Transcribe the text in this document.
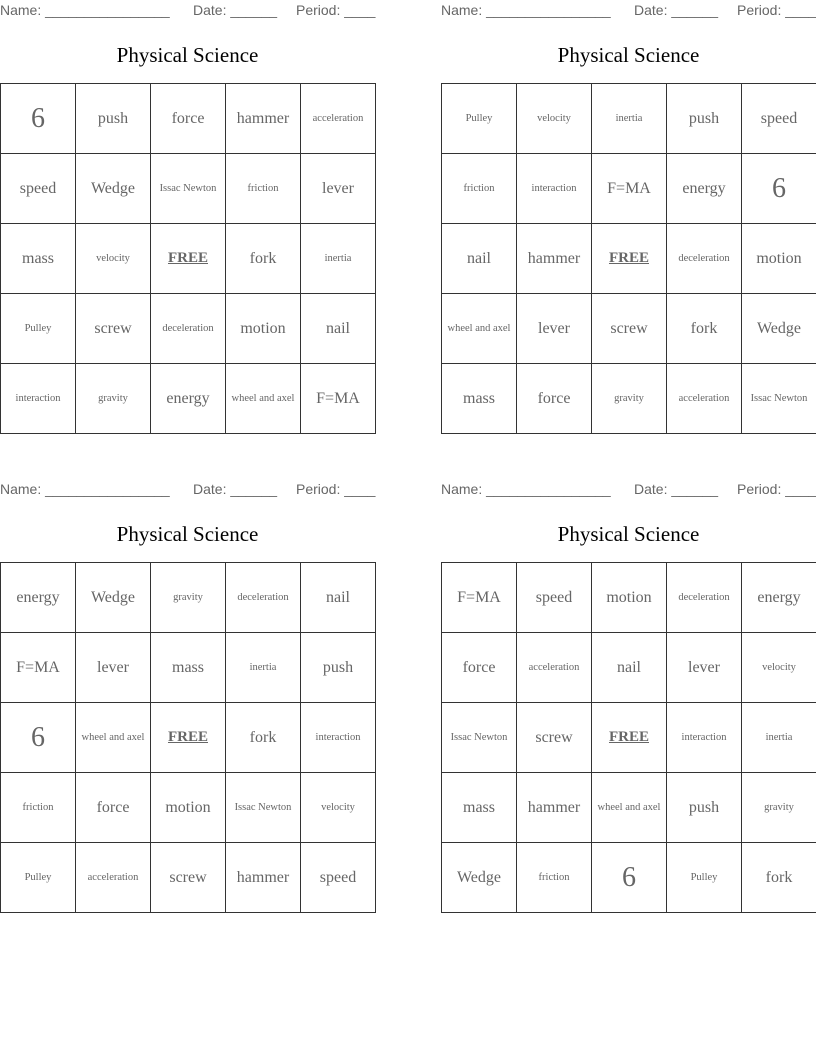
Name: ________________ Date: ______ Period: ____
Physical Science
6	push	force	hammer	acceleration
speed	Wedge	Issac Newton	friction	lever
mass	velocity	FREE	fork	inertia
Pulley	screw	deceleration	motion	nail
interaction	gravity	energy	wheel and axel	F=MA
Name: ________________ Date: ______ Period: ____
Physical Science
Pulley	velocity	inertia	push	speed
friction	interaction	F=MA	energy	6
nail	hammer	FREE	deceleration	motion
wheel and axel	lever	screw	fork	Wedge
mass	force	gravity	acceleration	Issac Newton
Name: ________________ Date: ______ Period: ____
Physical Science
energy	Wedge	gravity	deceleration	nail
F=MA	lever	mass	inertia	push
6	wheel and axel	FREE	fork	interaction
friction	force	motion	Issac Newton	velocity
Pulley	acceleration	screw	hammer	speed
Name: ________________ Date: ______ Period: ____
Physical Science
F=MA	speed	motion	deceleration	energy
force	acceleration	nail	lever	velocity
Issac Newton	screw	FREE	interaction	inertia
mass	hammer	wheel and axel	push	gravity
Wedge	friction	6	Pulley	fork
